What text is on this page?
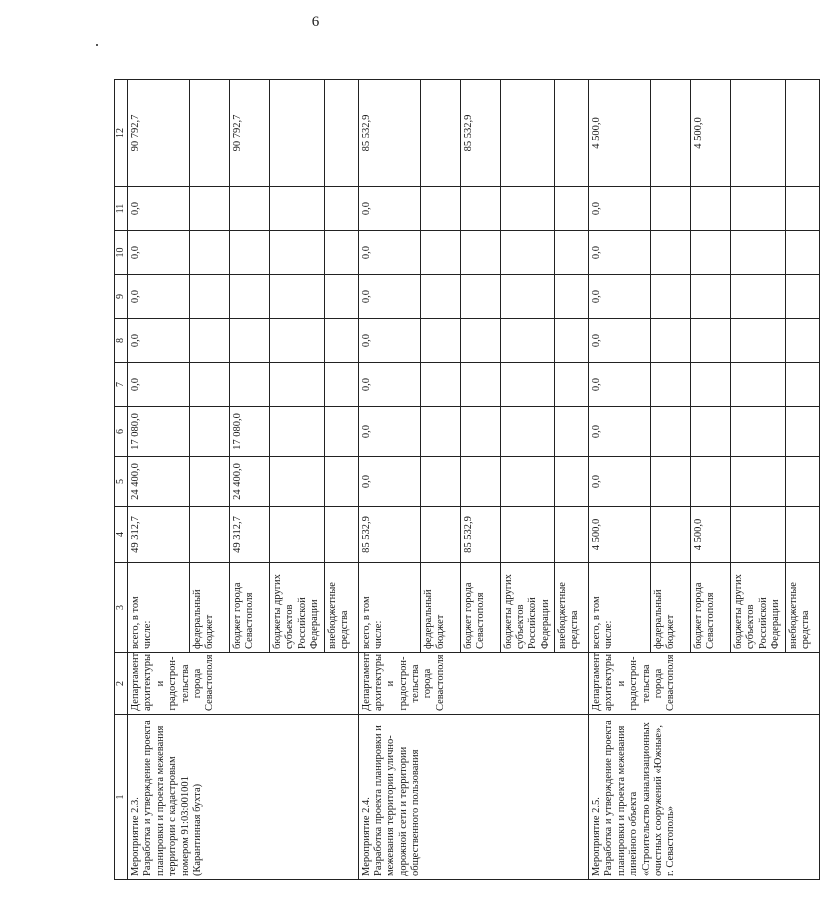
6
1	2	3	4	5	6	7	8	9	10	11	12
Мероприятие 2.3.
Разработка и утверждение проекта планировки и проекта межевания территории с кадастровым номером 91:03:001001 (Карантинная бухта)	Департамент архитектуры и градостронтельства города Севастополя	всего, в том числе:	49 312,7	24 400,0	17 080,0	0,0	0,0	0,0	0,0	0,0	90 792,7
		федеральный бюджет									
		бюджет города Севастополя	49 312,7	24 400,0	17 080,0						90 792,7
		бюджеты других субъектов Российской Федерации									
		внебюджетные средства									
Мероприятие 2.4.
Разработка проекта планировки и межевания территории улично-дорожной сети и территории общественного пользования	Департамент архитектуры и градостронтельства города Севастополя	всего, в том числе:	85 532,9	0,0	0,0	0,0	0,0	0,0	0,0	0,0	85 532,9
		федеральный бюджет									
		бюджет города Севастополя	85 532,9								85 532,9
		бюджеты других субъектов Российской Федерации									
		внебюджетные средства									
Мероприятие 2.5.
Разработка и утверждение проекта планировки и проекта межевания линейного объекта «Строительство канализационных очистных сооружений «Южные», г. Севастополь»	Департамент архитектуры и градостронтельства города Севастополя	всего, в том числе:	4 500,0	0,0	0,0	0,0	0,0	0,0	0,0	0,0	4 500,0
		федеральный бюджет									
		бюджет города Севастополя	4 500,0								4 500,0
		бюджеты других субъектов Российской Федерации									
		внебюджетные средства									
